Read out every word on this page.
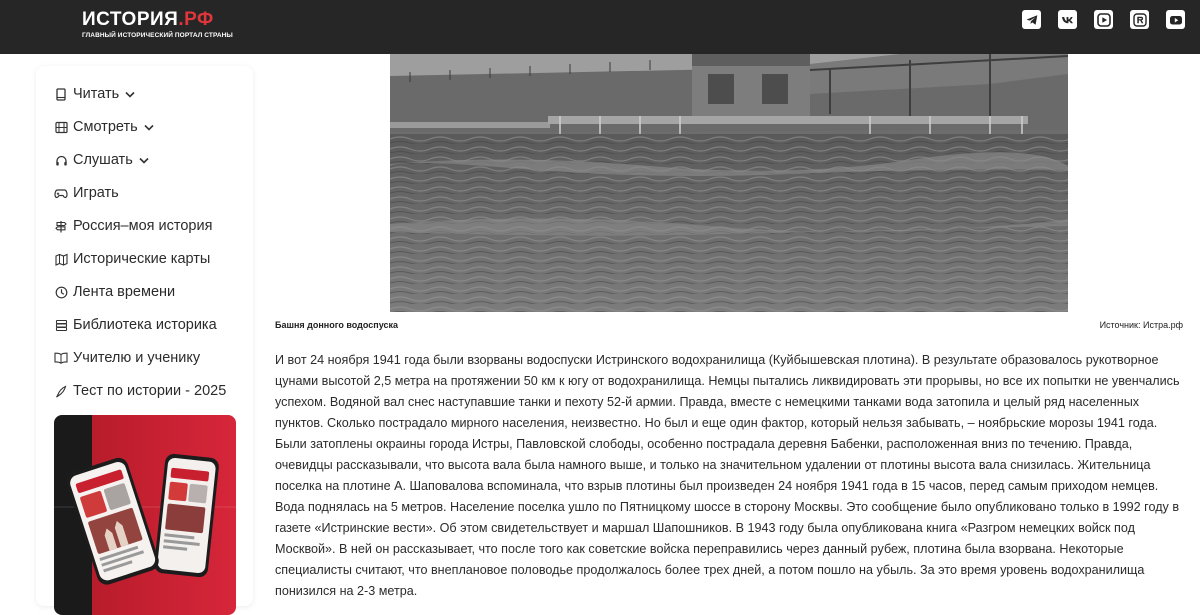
ИСТОРИЯ.РФ
ГЛАВНЫЙ ИСТОРИЧЕСКИЙ ПОРТАЛ СТРАНЫ
Читать
Смотреть
Слушать
Играть
Россия–моя история
Исторические карты
Лента времени
Библиотека историка
Учителю и ученику
Тест по истории - 2025
Башня донного водоспуска	Источник: Истра.рф
И вот 24 ноября 1941 года были взорваны водоспуски Истринского водохранилища (Куйбышевская плотина). В результате образовалось рукотворное цунами высотой 2,5 метра на протяжении 50 км к югу от водохранилища. Немцы пытались ликвидировать эти прорывы, но все их попытки не увенчались успехом. Водяной вал снес наступавшие танки и пехоту 52-й армии. Правда, вместе с немецкими танками вода затопила и целый ряд населенных пунктов. Сколько пострадало мирного населения, неизвестно. Но был и еще один фактор, который нельзя забывать, – ноябрьские морозы 1941 года. Были затоплены окраины города Истры, Павловской слободы, особенно пострадала деревня Бабенки, расположенная вниз по течению. Правда, очевидцы рассказывали, что высота вала была намного выше, и только на значительном удалении от плотины высота вала снизилась. Жительница поселка на плотине А. Шаповалова вспоминала, что взрыв плотины был произведен 24 ноября 1941 года в 15 часов, перед самым приходом немцев. Вода поднялась на 5 метров. Население поселка ушло по Пятницкому шоссе в сторону Москвы. Это сообщение было опубликовано только в 1992 году в газете «Истринские вести». Об этом свидетельствует и маршал Шапошников. В 1943 году была опубликована книга «Разгром немецких войск под Москвой». В ней он рассказывает, что после того как советские войска переправились через данный рубеж, плотина была взорвана. Некоторые специалисты считают, что внеплановое половодье продолжалось более трех дней, а потом пошло на убыль. За это время уровень водохранилища понизился на 2-3 метра.
